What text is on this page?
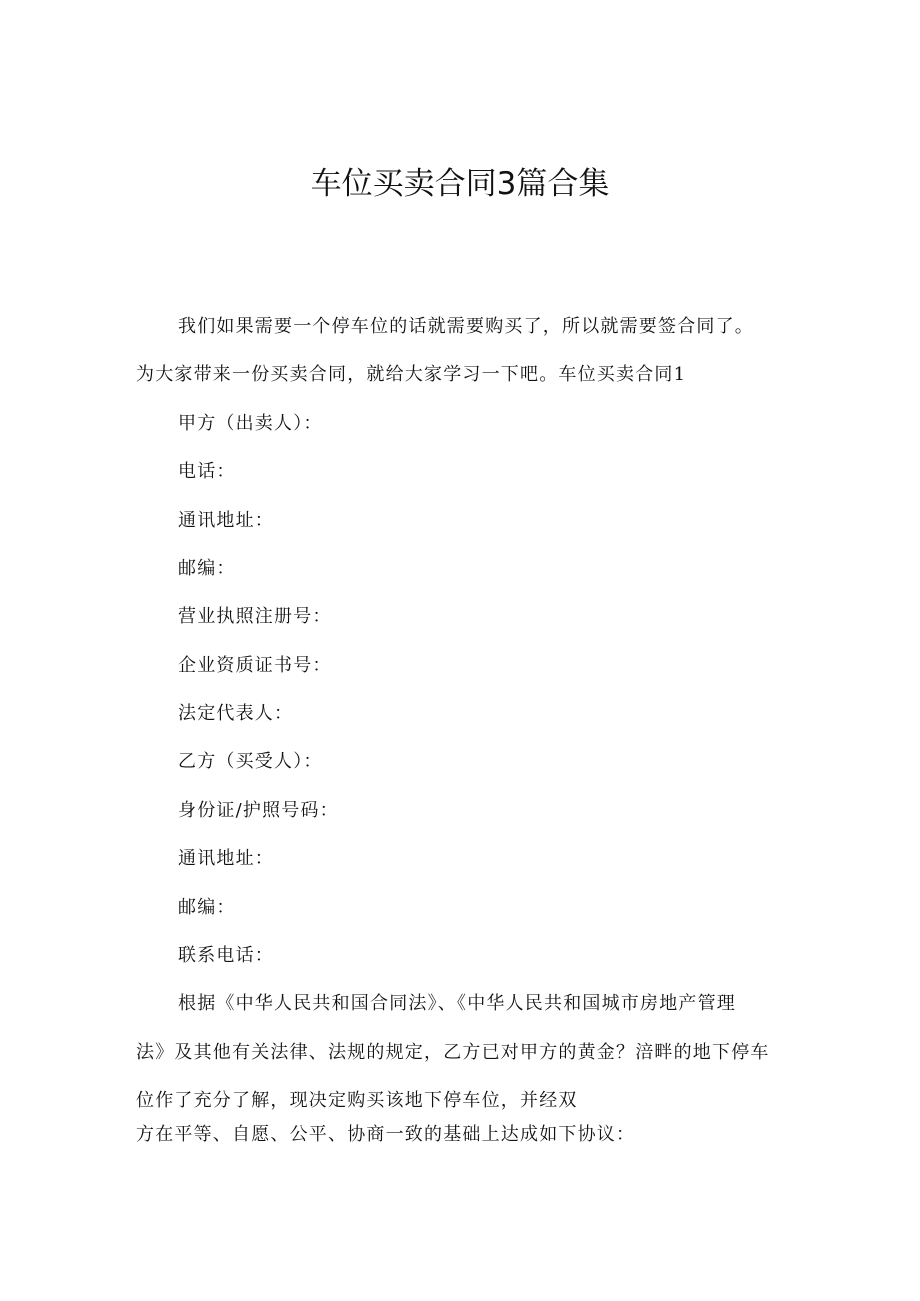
车位买卖合同3篇合集
我们如果需要一个停车位的话就需要购买了，所以就需要签合同了。
为大家带来一份买卖合同，就给大家学习一下吧。车位买卖合同1
甲方（出卖人）：
电话：
通讯地址：
邮编：
营业执照注册号：
企业资质证书号：
法定代表人：
乙方（买受人）：
身份证/护照号码：
通讯地址：
邮编：
联系电话：
根据《中华人民共和国合同法》、《中华人民共和国城市房地产管理
法》及其他有关法律、法规的规定，乙方已对甲方的黄金？涪畔的地下停车
位作了充分了解，现决定购买该地下停车位，并经双
方在平等、自愿、公平、协商一致的基础上达成如下协议：
